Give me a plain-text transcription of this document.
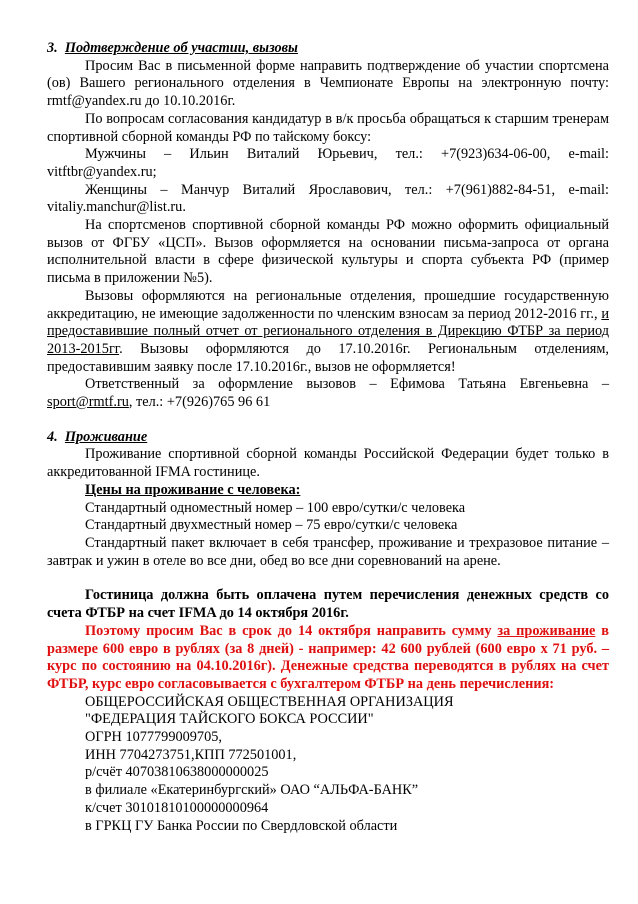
3. Подтверждение об участии, вызовы

Просим Вас в письменной форме направить подтверждение об участии спортсмена (ов) Вашего регионального отделения в Чемпионате Европы на электронную почту: rmtf@yandex.ru до 10.10.2016г.

По вопросам согласования кандидатур в в/к просьба обращаться к старшим тренерам спортивной сборной команды РФ по тайскому боксу:

Мужчины – Ильин Виталий Юрьевич, тел.: +7(923)634-06-00, e-mail: vitftbr@yandex.ru;

Женщины – Манчур Виталий Ярославович, тел.: +7(961)882-84-51, e-mail: vitaliy.manchur@list.ru.

На спортсменов спортивной сборной команды РФ можно оформить официальный вызов от ФГБУ «ЦСП». Вызов оформляется на основании письма-запроса от органа исполнительной власти в сфере физической культуры и спорта субъекта РФ (пример письма в приложении №5).

Вызовы оформляются на региональные отделения, прошедшие государственную аккредитацию, не имеющие задолженности по членским взносам за период 2012-2016 гг., и предоставившие полный отчет от регионального отделения в Дирекцию ФТБР за период 2013-2015гг. Вызовы оформляются до 17.10.2016г. Региональным отделениям, предоставившим заявку после 17.10.2016г., вызов не оформляется!

Ответственный за оформление вызовов – Ефимова Татьяна Евгеньевна – sport@rmtf.ru, тел.: +7(926)765 96 61

4. Проживание

Проживание спортивной сборной команды Российской Федерации будет только в аккредитованной IFMA гостинице.

Цены на проживание с человека:

Стандартный одноместный номер – 100 евро/сутки/с человека

Стандартный двухместный номер – 75 евро/сутки/с человека

Стандартный пакет включает в себя трансфер, проживание и трехразовое питание – завтрак и ужин в отеле во все дни, обед во все дни соревнований на арене.

Гостиница должна быть оплачена путем перечисления денежных средств со счета ФТБР на счет IFMA до 14 октября 2016г.

Поэтому просим Вас в срок до 14 октября направить сумму за проживание в размере 600 евро в рублях (за 8 дней) - например: 42 600 рублей (600 евро х 71 руб. – курс по состоянию на 04.10.2016г). Денежные средства переводятся в рублях на счет ФТБР, курс евро согласовывается с бухгалтером ФТБР на день перечисления:

ОБЩЕРОССИЙСКАЯ ОБЩЕСТВЕННАЯ ОРГАНИЗАЦИЯ

"ФЕДЕРАЦИЯ ТАЙСКОГО БОКСА РОССИИ"

ОГРН 1077799009705,

ИНН 7704273751,КПП 772501001,

р/счёт 40703810638000000025

в филиале «Екатеринбургский» ОАО “АЛЬФА-БАНК”

к/счет 30101810100000000964

в ГРКЦ ГУ Банка России по Свердловской области
